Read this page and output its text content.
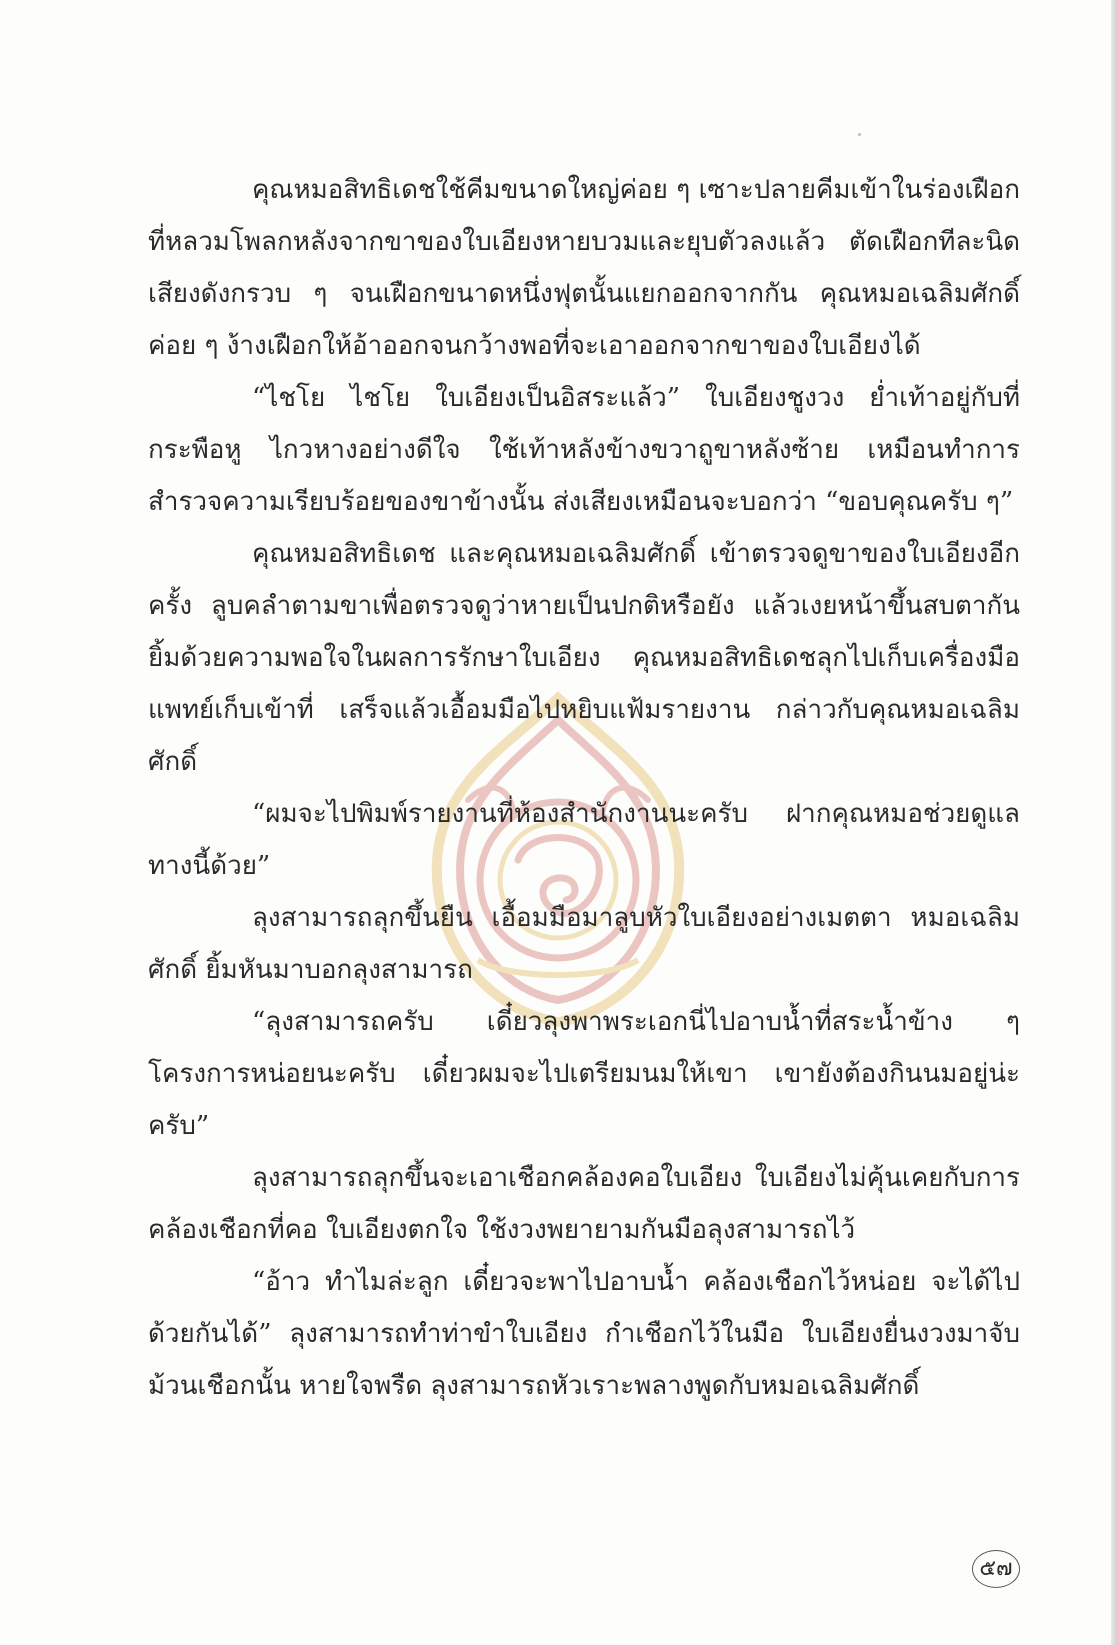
คุณหมอสิทธิเดชใช้คีมขนาดใหญ่ค่อย ๆ เซาะปลายคีมเข้าในร่องเฝือกที่หลวมโพลกหลังจากขาของใบเอียงหายบวมและยุบตัวลงแล้ว ตัดเฝือกทีละนิด เสียงดังกรวบ ๆ จนเฝือกขนาดหนึ่งฟุตนั้นแยกออกจากกัน คุณหมอเฉลิมศักดิ์ค่อย ๆ ง้างเฝือกให้อ้าออกจนกว้างพอที่จะเอาออกจากขาของใบเอียงได้

“ไชโย ไชโย ใบเอียงเป็นอิสระแล้ว” ใบเอียงชูงวง ย่ำเท้าอยู่กับที่ กระพือหู ไกวหางอย่างดีใจ ใช้เท้าหลังข้างขวาถูขาหลังซ้าย เหมือนทำการสำรวจความเรียบร้อยของขาข้างนั้น ส่งเสียงเหมือนจะบอกว่า “ขอบคุณครับ ๆ”

คุณหมอสิทธิเดช และคุณหมอเฉลิมศักดิ์ เข้าตรวจดูขาของใบเอียงอีกครั้ง ลูบคลำตามขาเพื่อตรวจดูว่าหายเป็นปกติหรือยัง แล้วเงยหน้าขึ้นสบตากัน ยิ้มด้วยความพอใจในผลการรักษาใบเอียง คุณหมอสิทธิเดชลุกไปเก็บเครื่องมือแพทย์เก็บเข้าที่ เสร็จแล้วเอื้อมมือไปหยิบแฟ้มรายงาน กล่าวกับคุณหมอเฉลิมศักดิ์

“ผมจะไปพิมพ์รายงานที่ห้องสำนักงานนะครับ ฝากคุณหมอช่วยดูแลทางนี้ด้วย”

ลุงสามารถลุกขึ้นยืน เอื้อมมือมาลูบหัวใบเอียงอย่างเมตตา หมอเฉลิมศักดิ์ ยิ้มหันมาบอกลุงสามารถ

“ลุงสามารถครับ เดี๋ยวลุงพาพระเอกนี่ไปอาบน้ำที่สระน้ำข้าง ๆ โครงการหน่อยนะครับ เดี๋ยวผมจะไปเตรียมนมให้เขา เขายังต้องกินนมอยู่น่ะครับ”

ลุงสามารถลุกขึ้นจะเอาเชือกคล้องคอใบเอียง ใบเอียงไม่คุ้นเคยกับการคล้องเชือกที่คอ ใบเอียงตกใจ ใช้งวงพยายามกันมือลุงสามารถไว้

“อ้าว ทำไมล่ะลูก เดี๋ยวจะพาไปอาบน้ำ คล้องเชือกไว้หน่อย จะได้ไปด้วยกันได้” ลุงสามารถทำท่าขำใบเอียง กำเชือกไว้ในมือ ใบเอียงยื่นงวงมาจับม้วนเชือกนั้น หายใจพรืด ลุงสามารถหัวเราะพลางพูดกับหมอเฉลิมศักดิ์

๕๗
